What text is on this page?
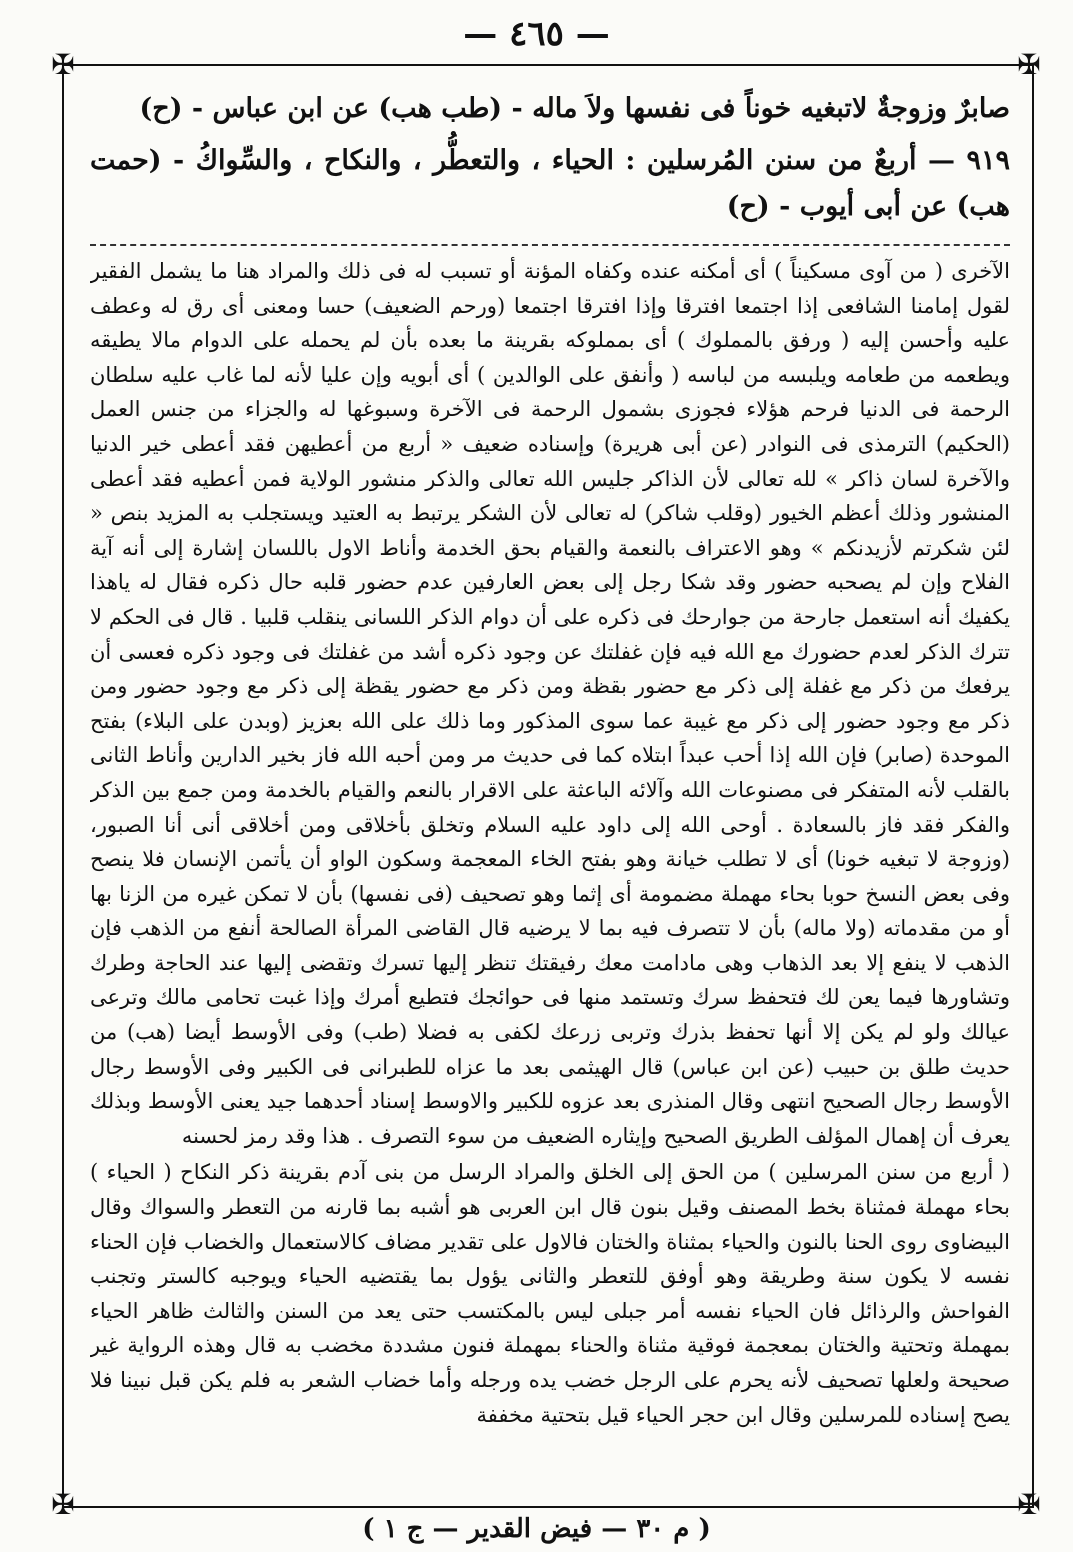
— ٤٦٥ —
✠	✠
✠	✠
صابرٌ وزوجةٌ لاتبغيه خوناً فى نفسها ولاَ ماله - (طب هب) عن ابن عباس - (ح)
٩١٩ — أربعٌ من سنن المُرسلين : الحياء ، والتعطُّر ، والنكاح ، والسِّواكُ - (حمت هب) عن أبى أيوب - (ح)

الآخرى ( من آوى مسكيناً ) أى أمكنه عنده وكفاه المؤنة أو تسبب له فى ذلك والمراد هنا ما يشمل الفقير لقول إمامنا الشافعى إذا اجتمعا افترقا وإذا افترقا اجتمعا (ورحم الضعيف) حسا ومعنى أى رق له وعطف عليه وأحسن إليه ( ورفق بالمملوك ) أى بمملوكه بقرينة ما بعده بأن لم يحمله على الدوام مالا يطيقه ويطعمه من طعامه ويلبسه من لباسه ( وأنفق على الوالدين ) أى أبويه وإن عليا لأنه لما غاب عليه سلطان الرحمة فى الدنيا فرحم هؤلاء فجوزى بشمول الرحمة فى الآخرة وسبوغها له والجزاء من جنس العمل (الحكيم) الترمذى فى النوادر (عن أبى هريرة) وإسناده ضعيف « أربع من أعطيهن فقد أعطى خير الدنيا والآخرة لسان ذاكر » لله تعالى لأن الذاكر جليس الله تعالى والذكر منشور الولاية فمن أعطيه فقد أعطى المنشور وذلك أعظم الخيور (وقلب شاكر) له تعالى لأن الشكر يرتبط به العتيد ويستجلب به المزيد بنص « لئن شكرتم لأزيدنكم » وهو الاعتراف بالنعمة والقيام بحق الخدمة وأناط الاول باللسان إشارة إلى أنه آية الفلاح وإن لم يصحبه حضور وقد شكا رجل إلى بعض العارفين عدم حضور قلبه حال ذكره فقال له ياهذا يكفيك أنه استعمل جارحة من جوارحك فى ذكره على أن دوام الذكر اللسانى ينقلب قلبيا . قال فى الحكم لا تترك الذكر لعدم حضورك مع الله فيه فإن غفلتك عن وجود ذكره أشد من غفلتك فى وجود ذكره فعسى أن يرفعك من ذكر مع غفلة إلى ذكر مع حضور بقظة ومن ذكر مع حضور يقظة إلى ذكر مع وجود حضور ومن ذكر مع وجود حضور إلى ذكر مع غيبة عما سوى المذكور وما ذلك على الله بعزيز (وبدن على البلاء) بفتح الموحدة (صابر) فإن الله إذا أحب عبداً ابتلاه كما فى حديث مر ومن أحبه الله فاز بخير الدارين وأناط الثانى بالقلب لأنه المتفكر فى مصنوعات الله وآلائه الباعثة على الاقرار بالنعم والقيام بالخدمة ومن جمع بين الذكر والفكر فقد فاز بالسعادة . أوحى الله إلى داود عليه السلام وتخلق بأخلاقى ومن أخلاقى أنى أنا الصبور، (وزوجة لا تبغيه خونا) أى لا تطلب خيانة وهو بفتح الخاء المعجمة وسكون الواو أن يأتمن الإنسان فلا ينصح وفى بعض النسخ حوبا بحاء مهملة مضمومة أى إثما وهو تصحيف (فى نفسها) بأن لا تمكن غيره من الزنا بها أو من مقدماته (ولا ماله) بأن لا تتصرف فيه بما لا يرضيه قال القاضى المرأة الصالحة أنفع من الذهب فإن الذهب لا ينفع إلا بعد الذهاب وهى مادامت معك رفيقتك تنظر إليها تسرك وتقضى إليها عند الحاجة وطرك وتشاورها فيما يعن لك فتحفظ سرك وتستمد منها فى حوائجك فتطيع أمرك وإذا غبت تحامى مالك وترعى عيالك ولو لم يكن إلا أنها تحفظ بذرك وتربى زرعك لكفى به فضلا (طب) وفى الأوسط أيضا (هب) من حديث طلق بن حبيب (عن ابن عباس) قال الهيثمى بعد ما عزاه للطبرانى فى الكبير وفى الأوسط رجال الأوسط رجال الصحيح انتهى وقال المنذرى بعد عزوه للكبير والاوسط إسناد أحدهما جيد يعنى الأوسط وبذلك يعرف أن إهمال المؤلف الطريق الصحيح وإيثاره الضعيف من سوء التصرف . هذا وقد رمز لحسنه

( أربع من سنن المرسلين ) من الحق إلى الخلق والمراد الرسل من بنى آدم بقرينة ذكر النكاح ( الحياء ) بحاء مهملة فمثناة بخط المصنف وقيل بنون قال ابن العربى هو أشبه بما قارنه من التعطر والسواك وقال البيضاوى روى الحنا بالنون والحياء بمثناة والختان فالاول على تقدير مضاف كالاستعمال والخضاب فإن الحناء نفسه لا يكون سنة وطريقة وهو أوفق للتعطر والثانى يؤول بما يقتضيه الحياء ويوجبه كالستر وتجنب الفواحش والرذائل فان الحياء نفسه أمر جبلى ليس بالمكتسب حتى يعد من السنن والثالث ظاهر الحياء بمهملة وتحتية والختان بمعجمة فوقية مثناة والحناء بمهملة فنون مشددة مخضب به قال وهذه الرواية غير صحيحة ولعلها تصحيف لأنه يحرم على الرجل خضب يده ورجله وأما خضاب الشعر به فلم يكن قبل نبينا فلا يصح إسناده للمرسلين وقال ابن حجر الحياء قيل بتحتية مخففة

( م ٣٠ — فيض القدير — ج ١ )
